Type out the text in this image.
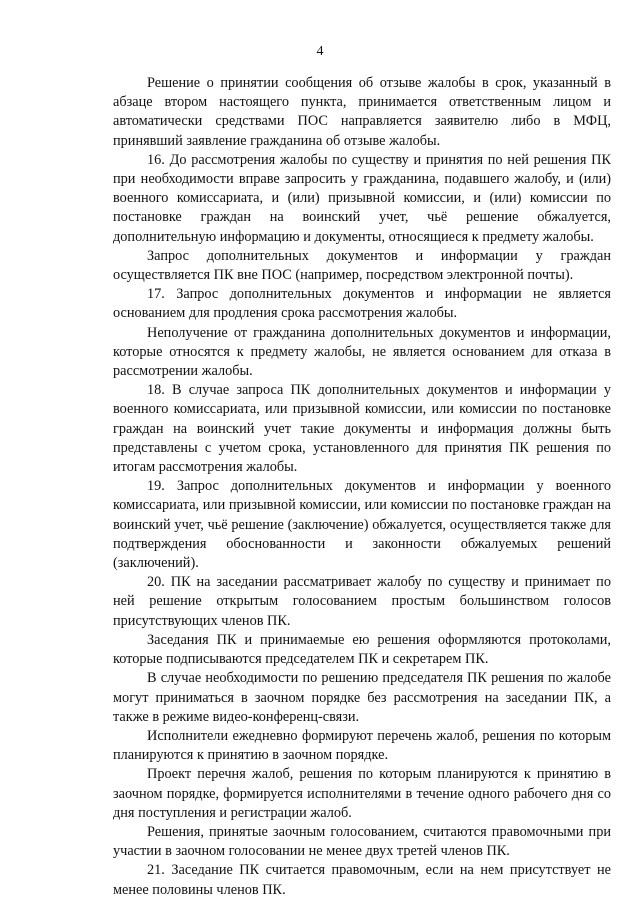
4

Решение о принятии сообщения об отзыве жалобы в срок, указанный в абзаце втором настоящего пункта, принимается ответственным лицом и автоматически средствами ПОС направляется заявителю либо в МФЦ, принявший заявление гражданина об отзыве жалобы.

16. До рассмотрения жалобы по существу и принятия по ней решения ПК при необходимости вправе запросить у гражданина, подавшего жалобу, и (или) военного комиссариата, и (или) призывной комиссии, и (или) комиссии по постановке граждан на воинский учет, чьё решение обжалуется, дополнительную информацию и документы, относящиеся к предмету жалобы.

Запрос дополнительных документов и информации у граждан осуществляется ПК вне ПОС (например, посредством электронной почты).

17. Запрос дополнительных документов и информации не является основанием для продления срока рассмотрения жалобы.

Неполучение от гражданина дополнительных документов и информации, которые относятся к предмету жалобы, не является основанием для отказа в рассмотрении жалобы.

18. В случае запроса ПК дополнительных документов и информации у военного комиссариата, или призывной комиссии, или комиссии по постановке граждан на воинский учет такие документы и информация должны быть представлены с учетом срока, установленного для принятия ПК решения по итогам рассмотрения жалобы.

19. Запрос дополнительных документов и информации у военного комиссариата, или призывной комиссии, или комиссии по постановке граждан на воинский учет, чьё решение (заключение) обжалуется, осуществляется также для подтверждения обоснованности и законности обжалуемых решений (заключений).

20. ПК на заседании рассматривает жалобу по существу и принимает по ней решение открытым голосованием простым большинством голосов присутствующих членов ПК.

Заседания ПК и принимаемые ею решения оформляются протоколами, которые подписываются председателем ПК и секретарем ПК.

В случае необходимости по решению председателя ПК решения по жалобе могут приниматься в заочном порядке без рассмотрения на заседании ПК, а также в режиме видео-конференц-связи.

Исполнители ежедневно формируют перечень жалоб, решения по которым планируются к принятию в заочном порядке.

Проект перечня жалоб, решения по которым планируются к принятию в заочном порядке, формируется исполнителями в течение одного рабочего дня со дня поступления и регистрации жалоб.

Решения, принятые заочным голосованием, считаются правомочными при участии в заочном голосовании не менее двух третей членов ПК.

21. Заседание ПК считается правомочным, если на нем присутствует не менее половины членов ПК.
